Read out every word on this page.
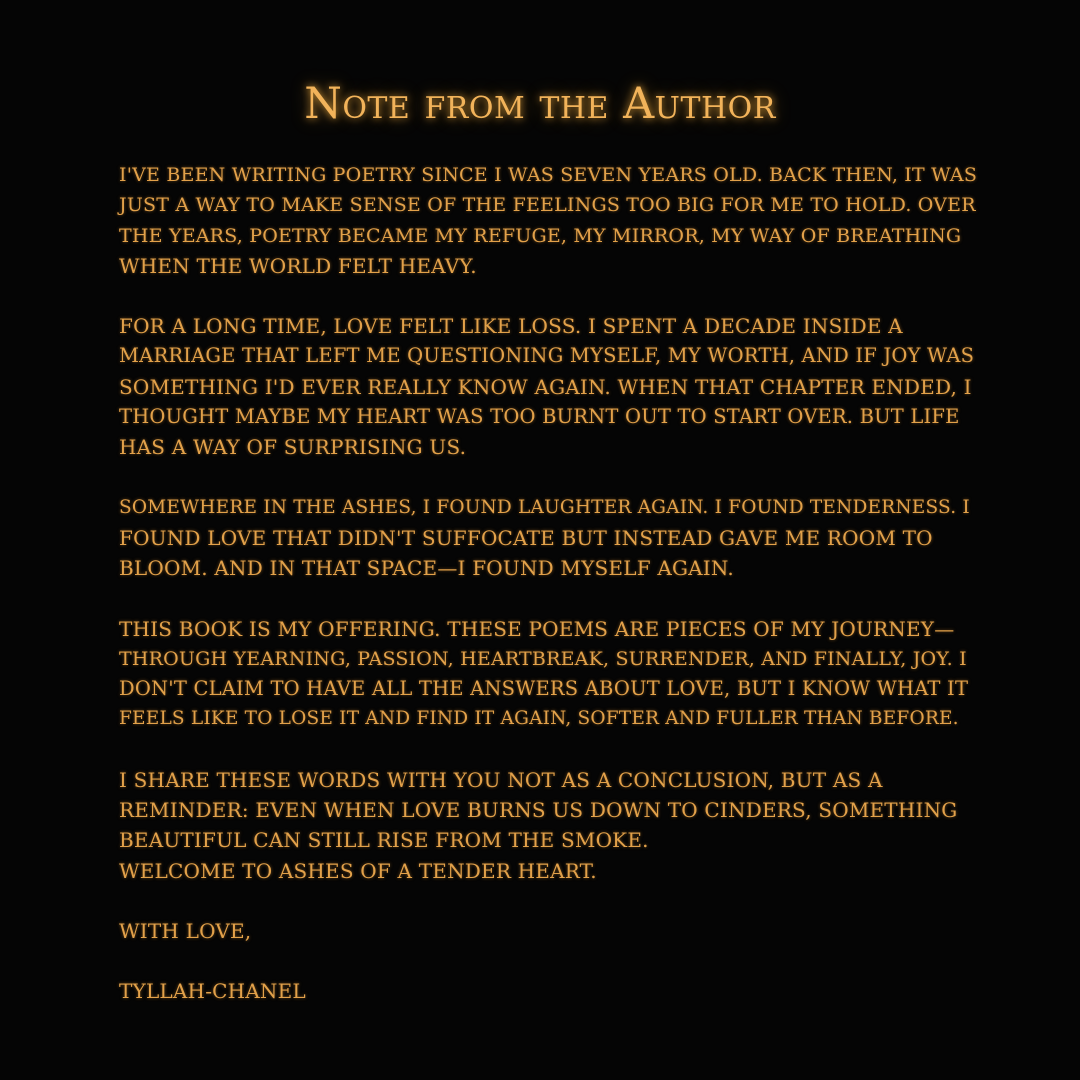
Note from the Author
I'VE BEEN WRITING POETRY SINCE I WAS SEVEN YEARS OLD. BACK THEN, IT WAS
JUST A WAY TO MAKE SENSE OF THE FEELINGS TOO BIG FOR ME TO HOLD. OVER
THE YEARS, POETRY BECAME MY REFUGE, MY MIRROR, MY WAY OF BREATHING
WHEN THE WORLD FELT HEAVY.
FOR A LONG TIME, LOVE FELT LIKE LOSS. I SPENT A DECADE INSIDE A
MARRIAGE THAT LEFT ME QUESTIONING MYSELF, MY WORTH, AND IF JOY WAS
SOMETHING I'D EVER REALLY KNOW AGAIN. WHEN THAT CHAPTER ENDED, I
THOUGHT MAYBE MY HEART WAS TOO BURNT OUT TO START OVER. BUT LIFE
HAS A WAY OF SURPRISING US.
SOMEWHERE IN THE ASHES, I FOUND LAUGHTER AGAIN. I FOUND TENDERNESS. I
FOUND LOVE THAT DIDN'T SUFFOCATE BUT INSTEAD GAVE ME ROOM TO
BLOOM. AND IN THAT SPACE—I FOUND MYSELF AGAIN.
THIS BOOK IS MY OFFERING. THESE POEMS ARE PIECES OF MY JOURNEY—
THROUGH YEARNING, PASSION, HEARTBREAK, SURRENDER, AND FINALLY, JOY. I
DON'T CLAIM TO HAVE ALL THE ANSWERS ABOUT LOVE, BUT I KNOW WHAT IT
FEELS LIKE TO LOSE IT AND FIND IT AGAIN, SOFTER AND FULLER THAN BEFORE.
I SHARE THESE WORDS WITH YOU NOT AS A CONCLUSION, BUT AS A
REMINDER: EVEN WHEN LOVE BURNS US DOWN TO CINDERS, SOMETHING
BEAUTIFUL CAN STILL RISE FROM THE SMOKE.
WELCOME TO ASHES OF A TENDER HEART.
WITH LOVE,
TYLLAH-CHANEL
